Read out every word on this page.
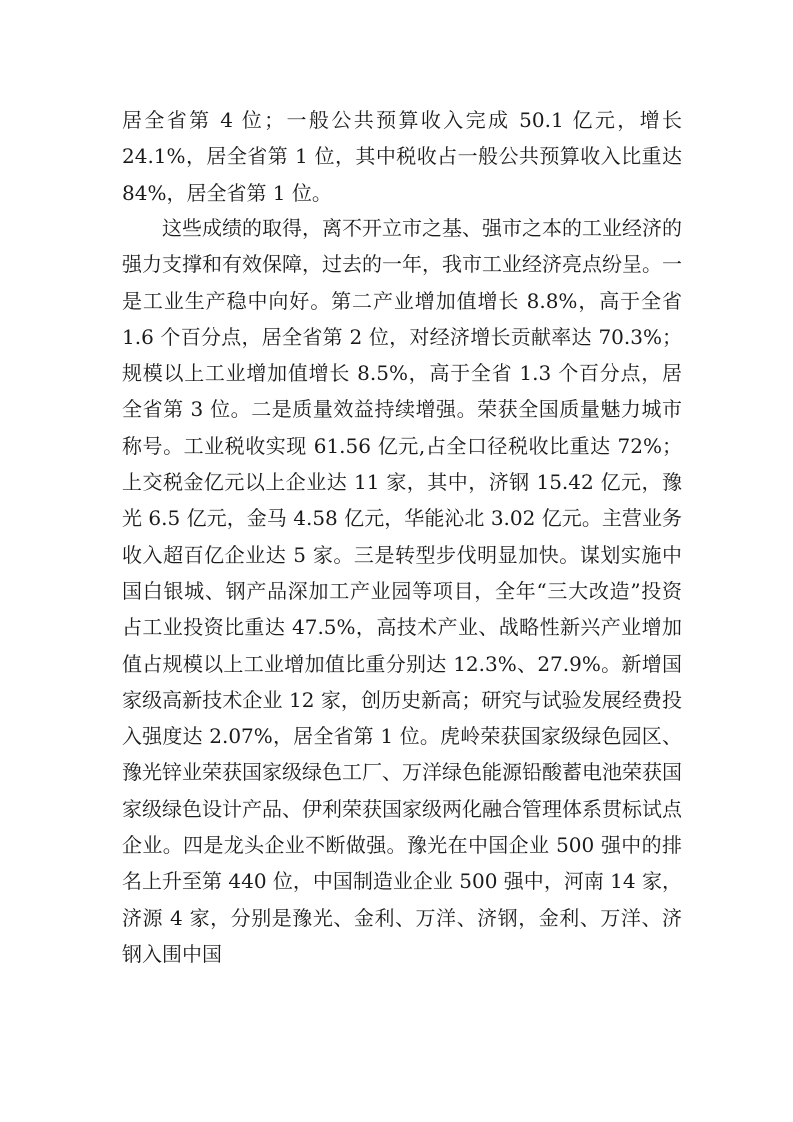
居全省第 4 位；一般公共预算收入完成 50.1 亿元，增长 24.1%，居全省第 1 位，其中税收占一般公共预算收入比重达 84%，居全省第 1 位。

这些成绩的取得，离不开立市之基、强市之本的工业经济的强力支撑和有效保障，过去的一年，我市工业经济亮点纷呈。一是工业生产稳中向好。第二产业增加值增长 8.8%，高于全省 1.6 个百分点，居全省第 2 位，对经济增长贡献率达 70.3%；规模以上工业增加值增长 8.5%，高于全省 1.3 个百分点，居全省第 3 位。二是质量效益持续增强。荣获全国质量魅力城市称号。工业税收实现 61.56 亿元,占全口径税收比重达 72%；上交税金亿元以上企业达 11 家，其中，济钢 15.42 亿元，豫光 6.5 亿元，金马 4.58 亿元，华能沁北 3.02 亿元。主营业务收入超百亿企业达 5 家。三是转型步伐明显加快。谋划实施中国白银城、钢产品深加工产业园等项目，全年“三大改造”投资占工业投资比重达 47.5%，高技术产业、战略性新兴产业增加值占规模以上工业增加值比重分别达 12.3%、27.9%。新增国家级高新技术企业 12 家，创历史新高；研究与试验发展经费投入强度达 2.07%，居全省第 1 位。虎岭荣获国家级绿色园区、豫光锌业荣获国家级绿色工厂、万洋绿色能源铅酸蓄电池荣获国家级绿色设计产品、伊利荣获国家级两化融合管理体系贯标试点企业。四是龙头企业不断做强。豫光在中国企业 500 强中的排名上升至第 440 位，中国制造业企业 500 强中，河南 14 家，济源 4 家，分别是豫光、金利、万洋、济钢，金利、万洋、济钢入围中国
